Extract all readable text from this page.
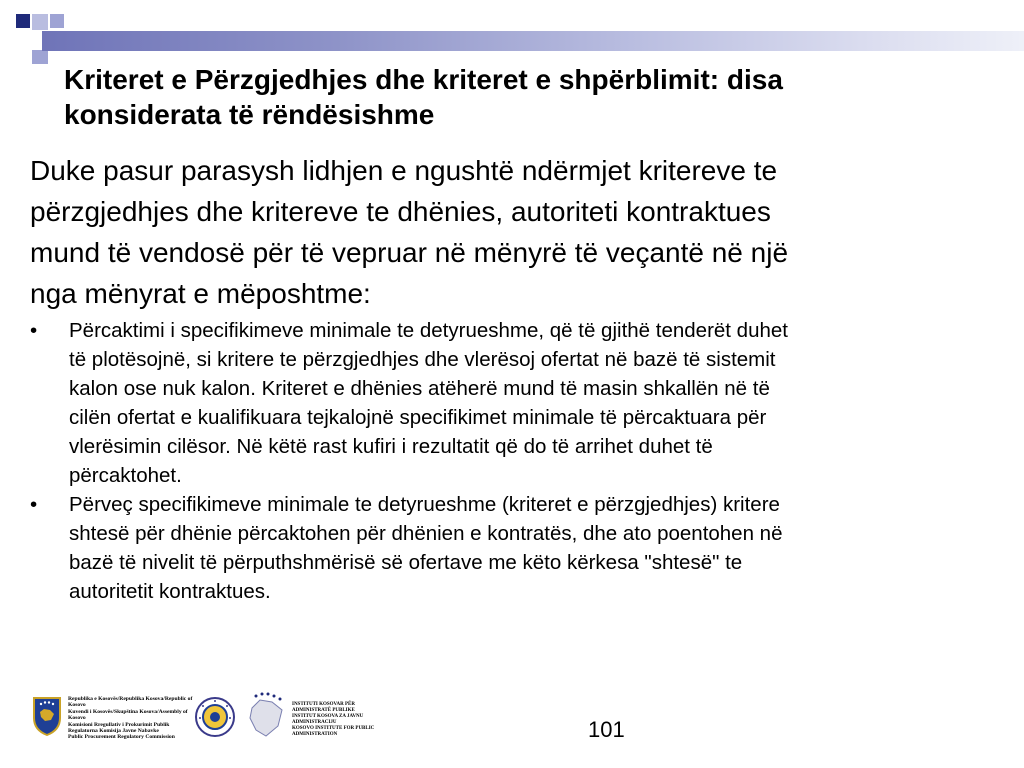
Kriteret e Përzgjedhjes dhe kriteret e shpërblimit: disa
konsiderata të rëndësishme
Duke pasur parasysh lidhjen e ngushtë ndërmjet kritereve te
përzgjedhjes dhe kritereve te dhënies, autoriteti kontraktues
mund të vendosë për të vepruar në mënyrë të veçantë në një
nga mënyrat e mëposhtme:
•	Përcaktimi i specifikimeve minimale te detyrueshme, që të gjithë tenderët duhet
të plotësojnë, si kritere te përzgjedhjes dhe vlerësoj ofertat në bazë të sistemit
kalon ose nuk kalon. Kriteret e dhënies atëherë mund të masin shkallën në të
cilën ofertat e kualifikuara tejkalojnë specifikimet minimale të përcaktuara për
vlerësimin cilësor. Në këtë rast kufiri i rezultatit që do të arrihet duhet të
përcaktohet.
•	Përveç specifikimeve minimale te detyrueshme (kriteret e përzgjedhjes) kritere
shtesë për dhënie përcaktohen për dhënien e kontratës, dhe ato poentohen në
bazë të nivelit të përputhshmërisë së ofertave me këto kërkesa "shtesë" te
autoritetit kontraktues.
Republika e Kosovës/Republika Kosova/Republic of Kosovo
Kuvendi i Kosovës/Skupština Kosova/Assembly of Kosovo
Komisioni Rregullativ i Prokurimit Publik
Regulatorna Komisija Javne Nabavke
Public Procurement Regulatory Commission
INSTITUTI KOSOVAR PËR ADMINISTRATË PUBLIKE
INSTITUT KOSOVA ZA JAVNU ADMINISTRACIJU
KOSOVO INSTITUTE FOR PUBLIC ADMINISTRATION	101
